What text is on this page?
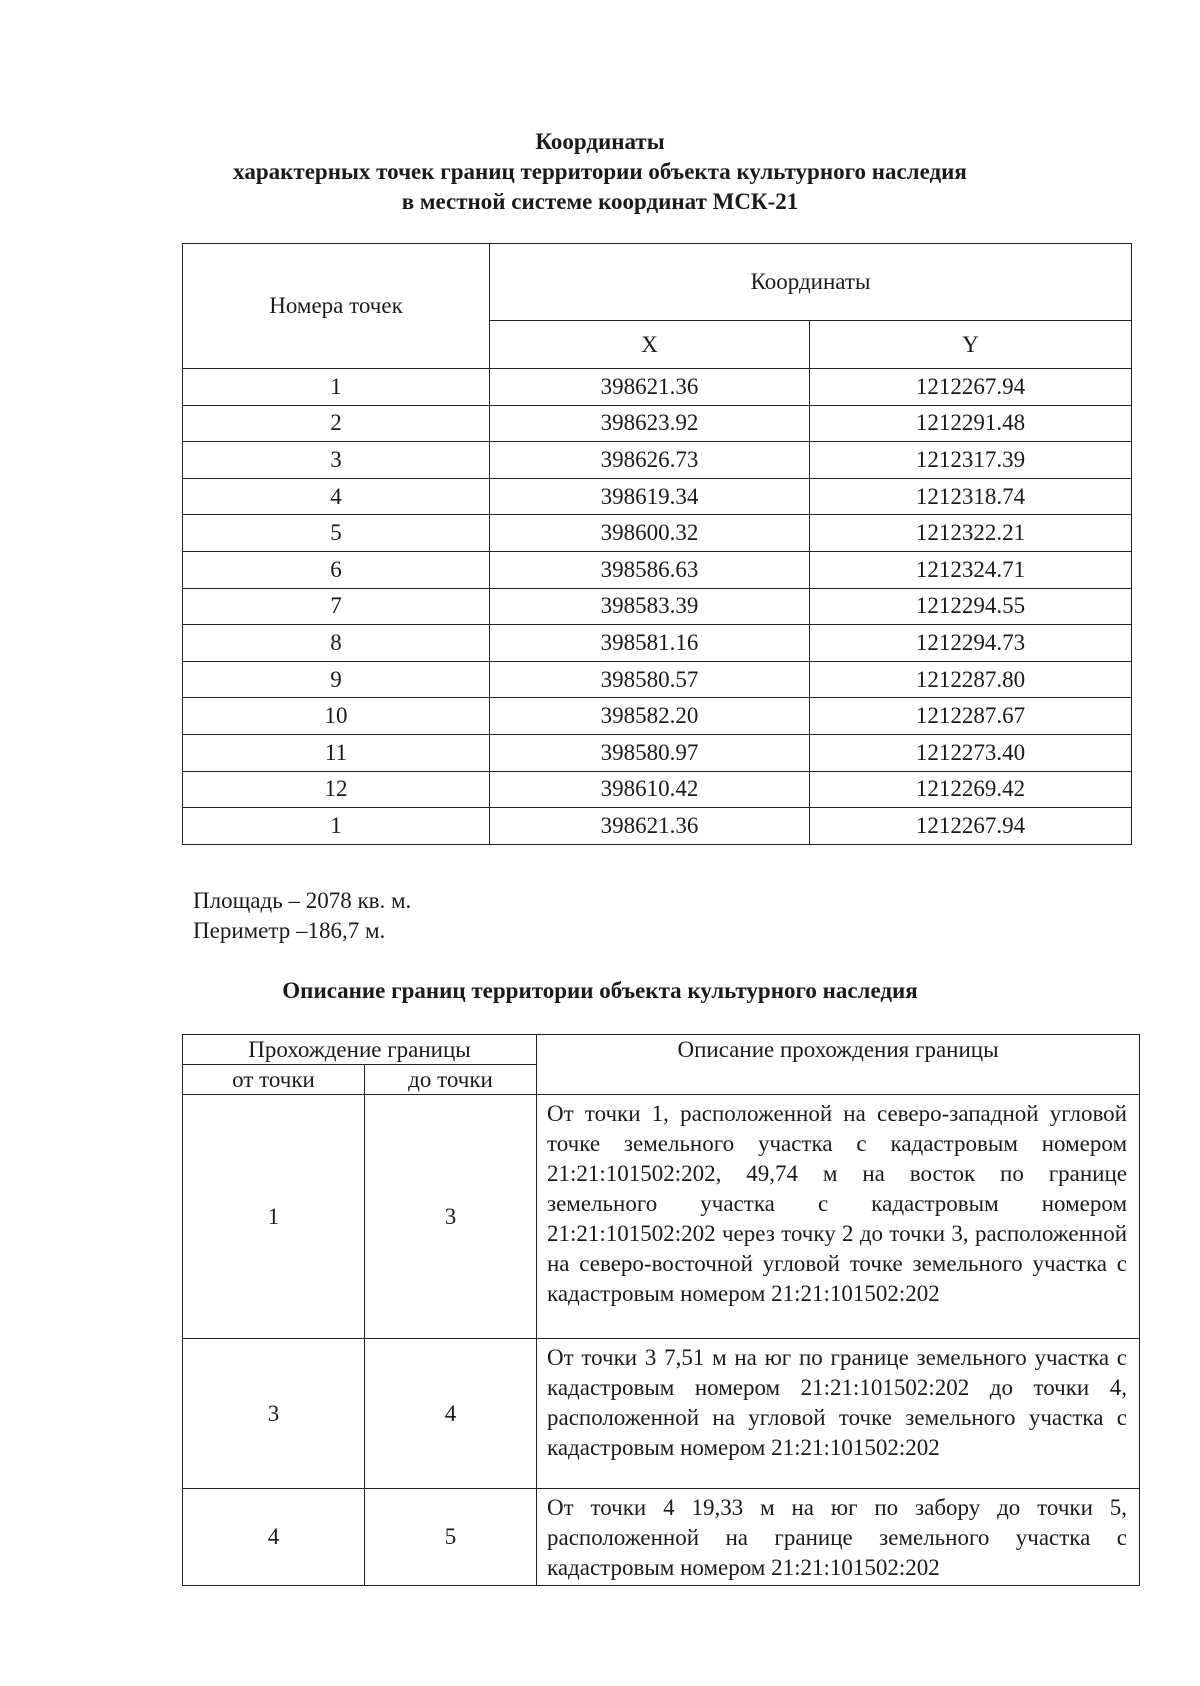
Координаты
характерных точек границ территории объекта культурного наследия
в местной системе координат МСК-21
Номера точек	Координаты	
	X	Y
1	398621.36	1212267.94
2	398623.92	1212291.48
3	398626.73	1212317.39
4	398619.34	1212318.74
5	398600.32	1212322.21
6	398586.63	1212324.71
7	398583.39	1212294.55
8	398581.16	1212294.73
9	398580.57	1212287.80
10	398582.20	1212287.67
11	398580.97	1212273.40
12	398610.42	1212269.42
1	398621.36	1212267.94
Площадь – 2078 кв. м.
Периметр –186,7 м.
Описание границ территории объекта культурного наследия
Прохождение границы		Описание прохождения границы
от точки	до точки	
1	3	От точки 1, расположенной на северо-западной угловой точке земельного участка с кадастровым номером 21:21:101502:202, 49,74 м на восток по границе земельного участка с кадастровым номером 21:21:101502:202 через точку 2 до точки 3, расположенной на северо-восточной угловой точке земельного участка с кадастровым номером 21:21:101502:202
3	4	От точки 3 7,51 м на юг по границе земельного участка с кадастровым номером 21:21:101502:202 до точки 4, расположенной на угловой точке земельного участка с кадастровым номером 21:21:101502:202
4	5	От точки 4 19,33 м на юг по забору до точки 5, расположенной на границе земельного участка с кадастровым номером 21:21:101502:202
